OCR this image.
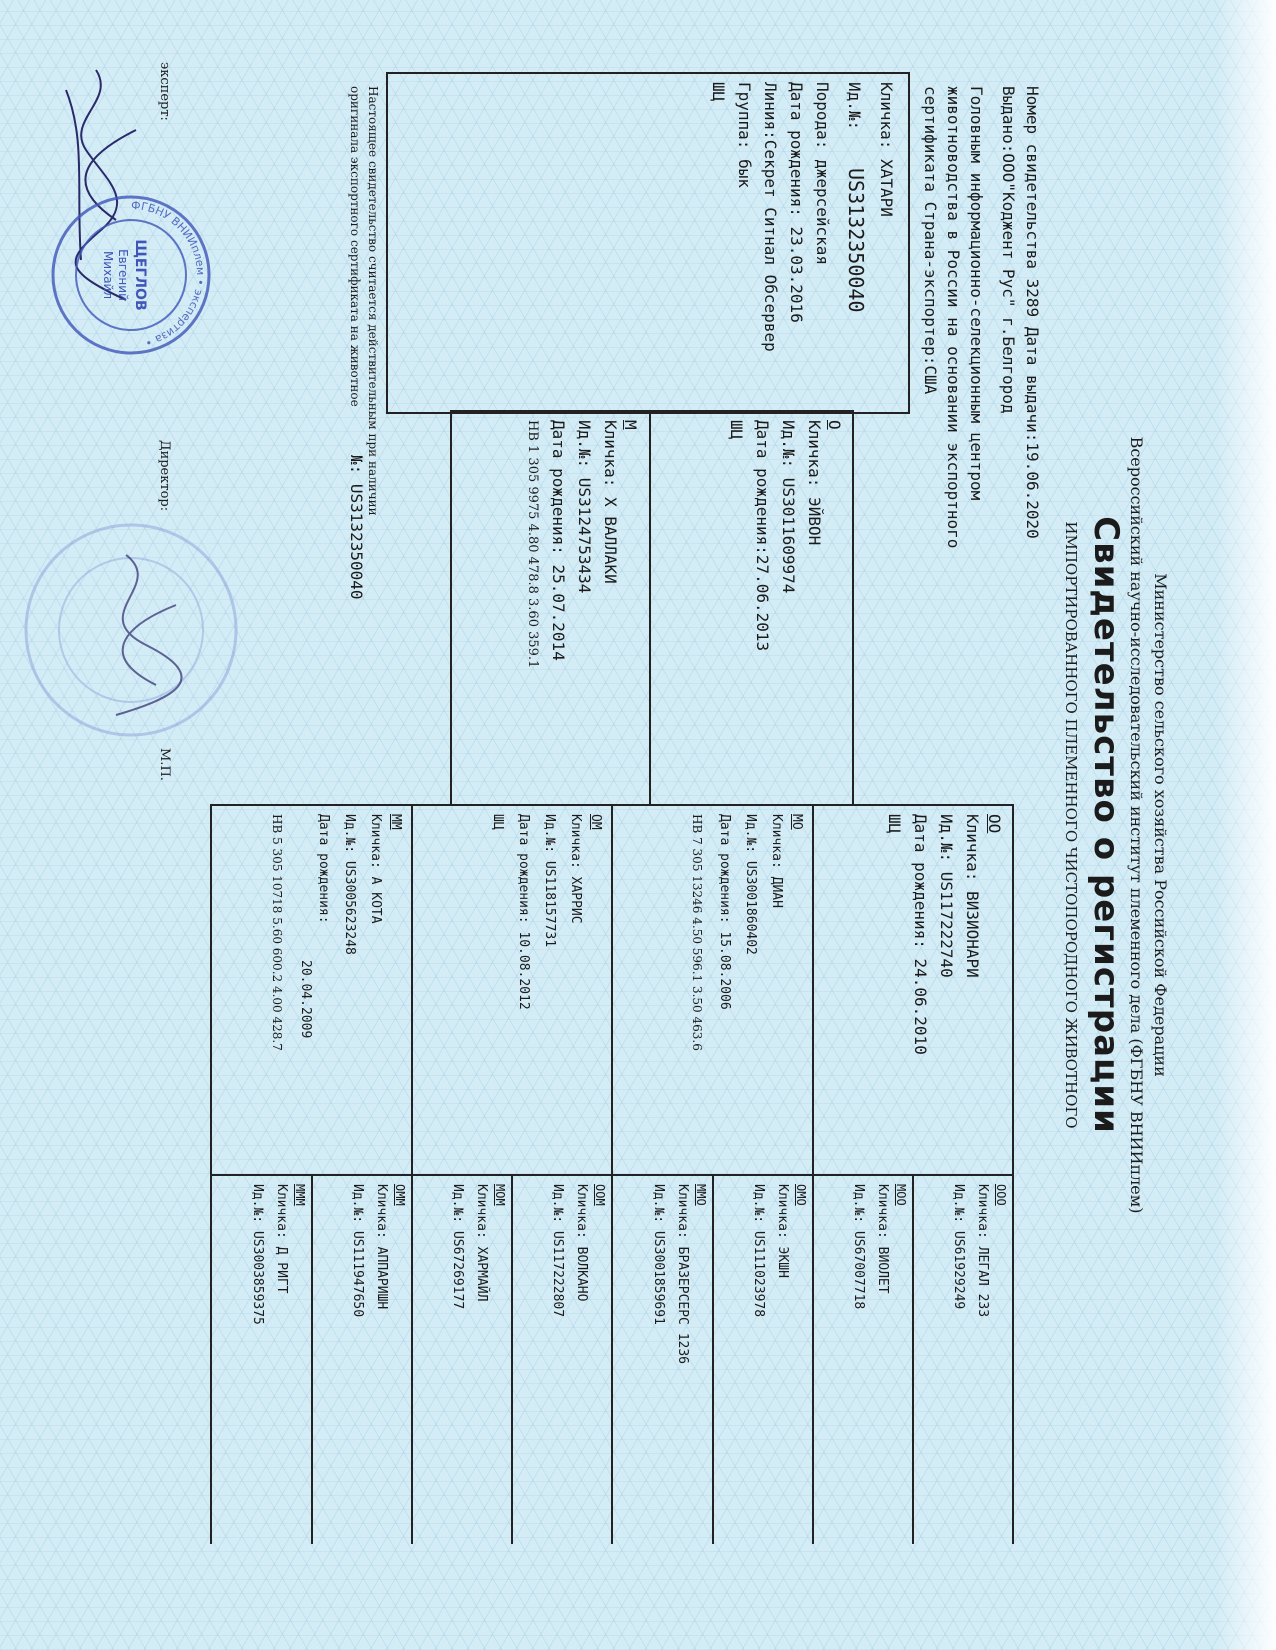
Министерство сельского хозяйства Российской Федерации
Всероссийский научно-исследовательский институт племенного дела (ФГБНУ ВНИИплем)
Свидетельство о регистрации
ИМПОРТИРОВАННОГО ПЛЕМЕННОГО ЧИСТОПОРОДНОГО ЖИВОТНОГО
Номер свидетельства 3289 Дата выдачи:19.06.2020
Выдано:ООО"Коджент Рус" г.Белгород
Головным информационно-селекционным центром
животноводства в России на основании экспортного
сертификата Страна-экспортер:США
Кличка: ХАТАРИ
Ид.№:
US3132350040
Порода: джерсейская
Дата рождения: 23.03.2016
Линия:Секрет Ситнал Обсервер
Группа: бык
ШЦ
О
Кличка: ЭЙВОН
Ид.№: US3011609974
Дата рождения:27.06.2013
ШЦ
М
Кличка: Х ВАЛЛАКИ
Ид.№: US3124753434
Дата рождения: 25.07.2014
HB 1 305 9975 4.80 478.8 3.60 359.1
ОО
Кличка: ВИЗИОНАРИ
Ид.№: US117222740
Дата рождения: 24.06.2010
ШЦ
МО
Кличка: ДИАН
Ид.№: US3001860402
Дата рождения: 15.08.2006
HB 7 305 13246 4.50 596.1 3.50 463.6
ОМ
Кличка: ХАРРИС
Ид.№: US118157731
Дата рождения: 10.08.2012
ШЦ
ММ
Кличка: А КОТА
Ид.№: US3005623248
Дата рождения:
20.04.2009
HB 5 305 10718 5.60 600.2 4.00 428.7
ООО
Кличка: ЛЕГАЛ 233
Ид.№: US61929249
МОО
Кличка: ВИОЛЕТ
Ид.№: US67007718
ОМО
Кличка: ЭКШН
Ид.№: US111023978
ММО
Кличка: БРАЗЕРСЕРС 1236
Ид.№: US3001859691
ООМ
Кличка: ВОЛКАНО
Ид.№: US117222807
МОМ
Кличка: ХАРМАЙЛ
Ид.№: US67269177
ОММ
Кличка: АППАРИШН
Ид.№: US111947650
МММ
Кличка: Д РИГТ
Ид.№: US3003859375
Настоящее свидетельство считается действительным при наличии
оригинала экспортного сертификата на животное
№: US3132350040
эксперт:
Директор:
М.П.
ФГБНУ ВНИИплем • экспертиза •
ЩЕГЛОВ
Евгений
Михайл
